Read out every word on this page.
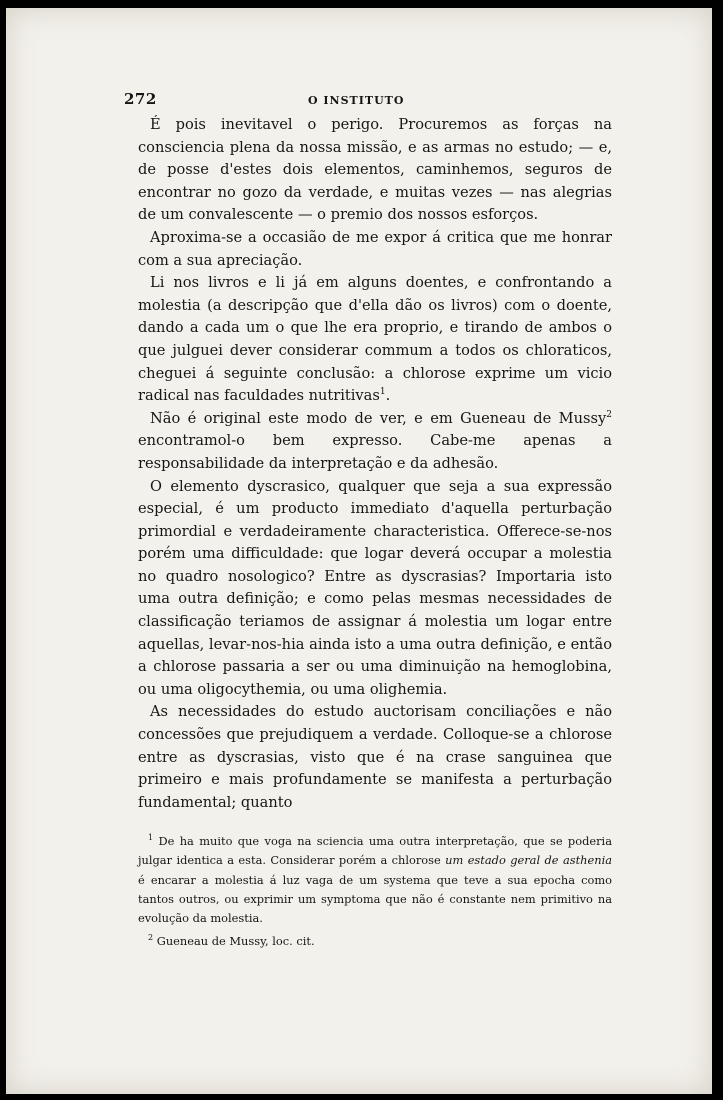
272	O INSTITUTO

É pois inevitavel o perigo. Procuremos as forças na consciencia plena da nossa missão, e as armas no estudo; — e, de posse d'estes dois elementos, caminhemos, seguros de encontrar no gozo da verdade, e muitas vezes — nas alegrias de um convalescente — o premio dos nossos esforços.

Aproxima-se a occasião de me expor á critica que me honrar com a sua apreciação.

Li nos livros e li já em alguns doentes, e confrontando a molestia (a descripção que d'ella dão os livros) com o doente, dando a cada um o que lhe era proprio, e tirando de ambos o que julguei dever considerar commum a todos os chloraticos, cheguei á seguinte conclusão: a chlorose exprime um vicio radical nas faculdades nutritivas$^1$.

Não é original este modo de ver, e em Gueneau de Mussy$^2$ encontramol-o bem expresso. Cabe-me apenas a responsabilidade da interpretação e da adhesão.

O elemento dyscrasico, qualquer que seja a sua expressão especial, é um producto immediato d'aquella perturbação primordial e verdadeiramente characteristica. Offerece-se-nos porém uma difficuldade: que logar deverá occupar a molestia no quadro nosologico? Entre as dyscrasias? Importaria isto uma outra definição; e como pelas mesmas necessidades de classificação teriamos de assignar á molestia um logar entre aquellas, levar-nos-hia ainda isto a uma outra definição, e então a chlorose passaria a ser ou uma diminuição na hemoglobina, ou uma oligocythemia, ou uma olighemia.

As necessidades do estudo auctorisam conciliações e não concessões que prejudiquem a verdade. Colloque-se a chlorose entre as dyscrasias, visto que é na crase sanguinea que primeiro e mais profundamente se manifesta a perturbação fundamental; quanto

$^1$ De ha muito que voga na sciencia uma outra interpretação, que se poderia julgar identica a esta. Considerar porém a chlorose um estado geral de asthenia é encarar a molestia á luz vaga de um systema que teve a sua epocha como tantos outros, ou exprimir um symptoma que não é constante nem primitivo na evolução da molestia.

$^2$ Gueneau de Mussy, loc. cit.
